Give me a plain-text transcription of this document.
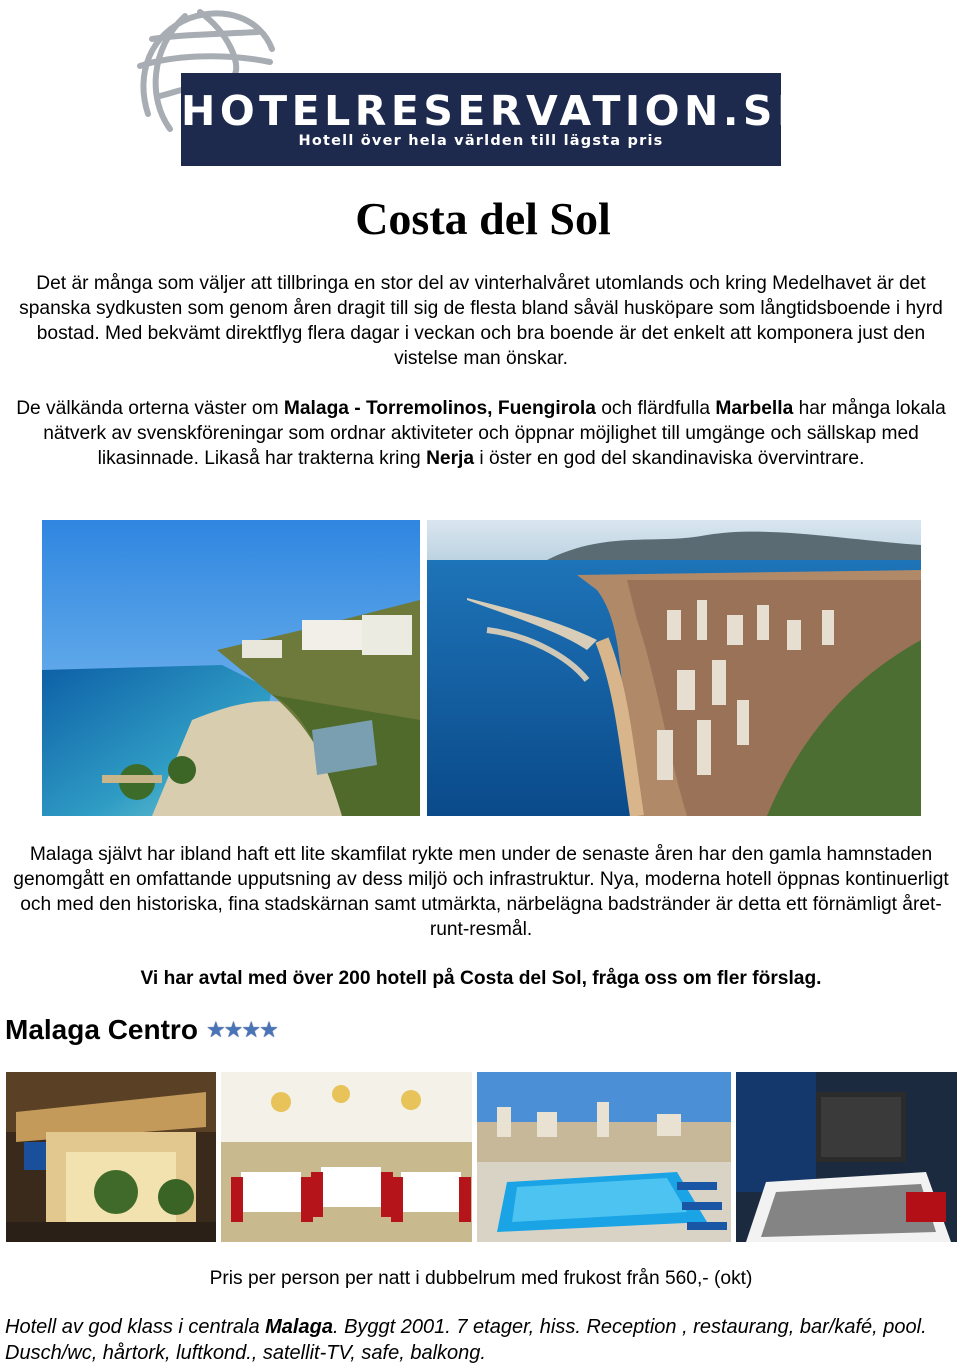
HOTELRESERVATION.SE
Hotell över hela världen till lägsta pris
Costa del Sol

Det är många som väljer att tillbringa en stor del av vinterhalvåret utomlands och kring Medelhavet är det spanska sydkusten som genom åren dragit till sig de flesta bland såväl husköpare som långtidsboende i hyrd bostad. Med bekvämt direktflyg flera dagar i veckan och bra boende är det enkelt att komponera just den vistelse man önskar.

De välkända orterna väster om Malaga - Torremolinos, Fuengirola och flärdfulla Marbella har många lokala nätverk av svenskföreningar som ordnar aktiviteter och öppnar möjlighet till umgänge och sällskap med likasinnade. Likaså har trakterna kring Nerja i öster en god del skandinaviska övervintrare.

Malaga självt har ibland haft ett lite skamfilat rykte men under de senaste åren har den gamla hamnstaden genomgått en omfattande upputsning av dess miljö och infrastruktur. Nya, moderna hotell öppnas kontinuerligt och med den historiska, fina stadskärnan samt utmärkta, närbelägna badstränder är detta ett förnämligt året-runt-resmål.

Vi har avtal med över 200 hotell på Costa del Sol, fråga oss om fler förslag.

Malaga Centro ★★★★

Pris per person per natt i dubbelrum med frukost från 560,- (okt)

Hotell av god klass i centrala Malaga. Byggt 2001. 7 etager, hiss. Reception , restaurang, bar/kafé, pool. Dusch/wc, hårtork, luftkond., satellit-TV, safe, balkong.
